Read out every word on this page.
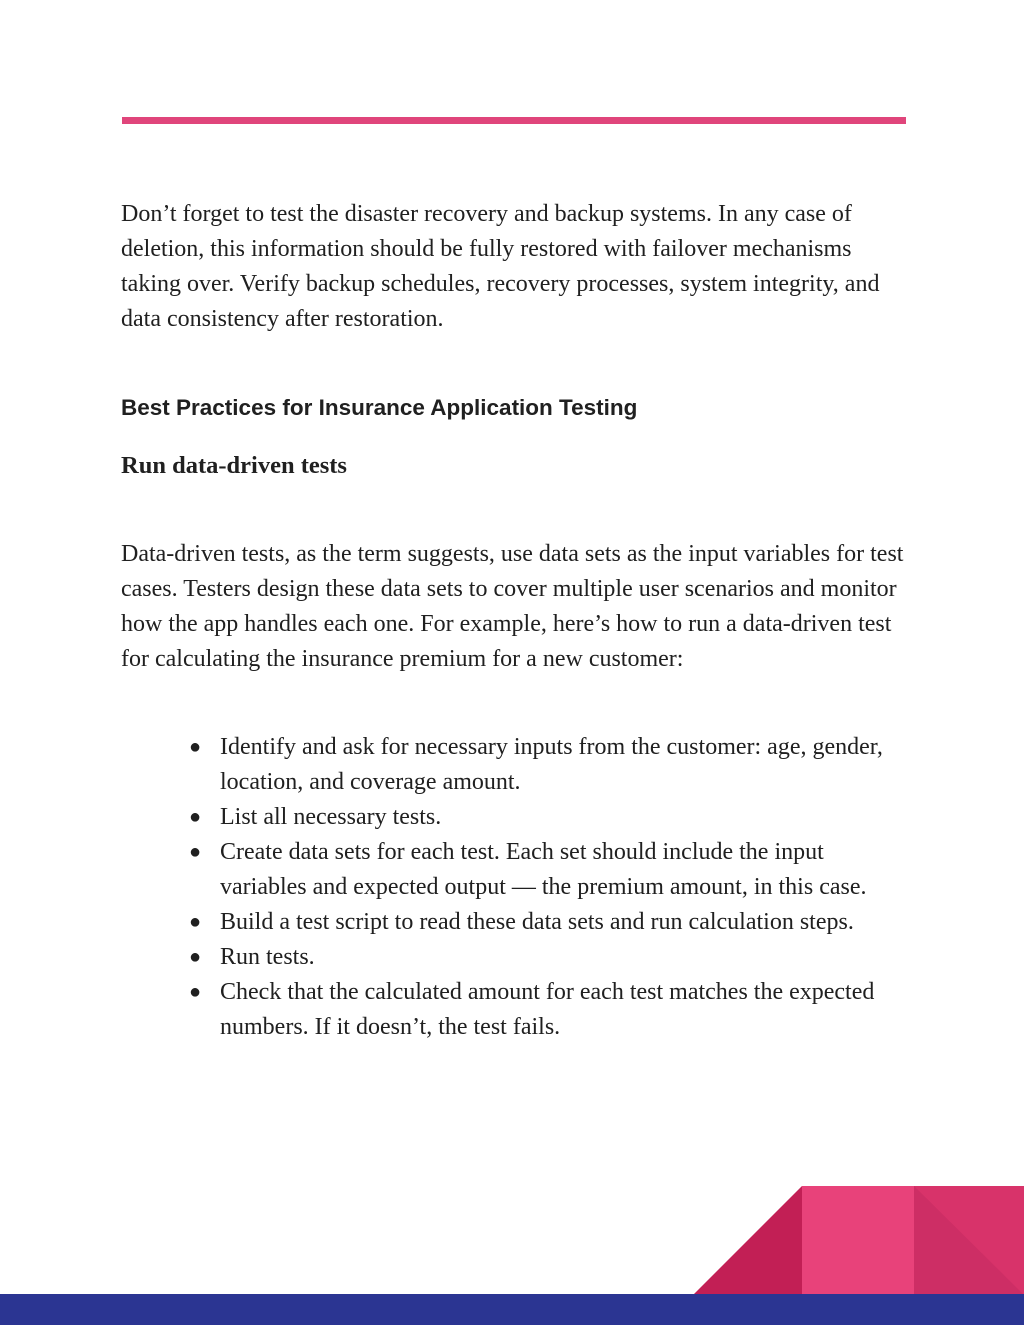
Don’t forget to test the disaster recovery and backup systems. In any case of deletion, this information should be fully restored with failover mechanisms taking over. Verify backup schedules, recovery processes, system integrity, and data consistency after restoration.

Best Practices for Insurance Application Testing
Run data-driven tests

Data-driven tests, as the term suggests, use data sets as the input variables for test cases. Testers design these data sets to cover multiple user scenarios and monitor how the app handles each one. For example, here’s how to run a data-driven test for calculating the insurance premium for a new customer:

● Identify and ask for necessary inputs from the customer: age, gender, location, and coverage amount.
● List all necessary tests.
● Create data sets for each test. Each set should include the input variables and expected output — the premium amount, in this case.
● Build a test script to read these data sets and run calculation steps.
● Run tests.
● Check that the calculated amount for each test matches the expected numbers. If it doesn’t, the test fails.
